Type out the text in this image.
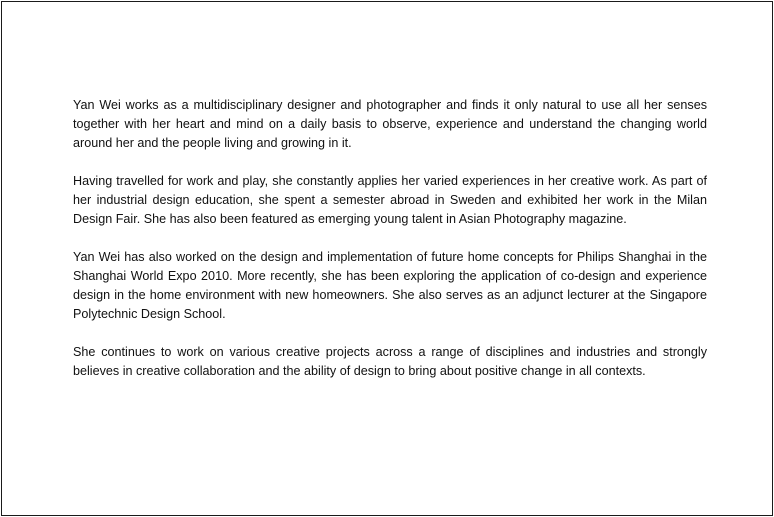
Yan Wei works as a multidisciplinary designer and photographer and finds it only natural to use all her senses together with her heart and mind on a daily basis to observe, experience and understand the changing world around her and the people living and growing in it.

Having travelled for work and play, she constantly applies her varied experiences in her creative work. As part of her industrial design education, she spent a semester abroad in Sweden and exhibited her work in the Milan Design Fair. She has also been featured as emerging young talent in Asian Photography magazine.

Yan Wei has also worked on the design and implementation of future home concepts for Philips Shanghai in the Shanghai World Expo 2010. More recently, she has been exploring the application of co-design and experience design in the home environment with new homeowners. She also serves as an adjunct lecturer at the Singapore Polytechnic Design School.

She continues to work on various creative projects across a range of disciplines and industries and strongly believes in creative collaboration and the ability of design to bring about positive change in all contexts.
